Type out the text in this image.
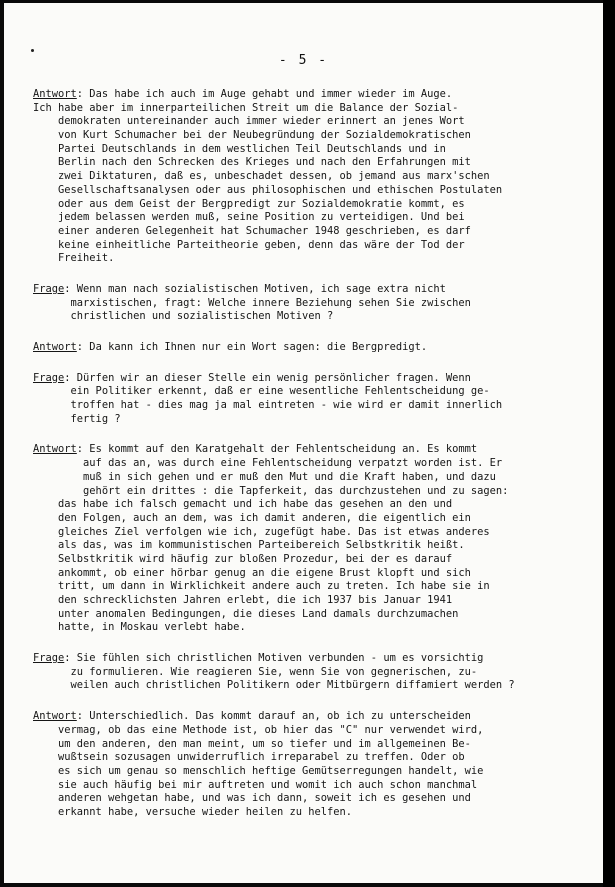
- 5 -
Antwort: Das habe ich auch im Auge gehabt und immer wieder im Auge.
Ich habe aber im innerparteilichen Streit um die Balance der Sozial-
demokraten untereinander auch immer wieder erinnert an jenes Wort
von Kurt Schumacher bei der Neubegründung der Sozialdemokratischen
Partei Deutschlands in dem westlichen Teil Deutschlands und in
Berlin nach den Schrecken des Krieges und nach den Erfahrungen mit
zwei Diktaturen, daß es, unbeschadet dessen, ob jemand aus marx'schen
Gesellschaftsanalysen oder aus philosophischen und ethischen Postulaten
oder aus dem Geist der Bergpredigt zur Sozialdemokratie kommt, es
jedem belassen werden muß, seine Position zu verteidigen. Und bei
einer anderen Gelegenheit hat Schumacher 1948 geschrieben, es darf
keine einheitliche Parteitheorie geben, denn das wäre der Tod der
Freiheit.
Frage: Wenn man nach sozialistischen Motiven, ich sage extra nicht
marxistischen, fragt: Welche innere Beziehung sehen Sie zwischen
christlichen und sozialistischen Motiven ?
Antwort: Da kann ich Ihnen nur ein Wort sagen: die Bergpredigt.
Frage: Dürfen wir an dieser Stelle ein wenig persönlicher fragen. Wenn
ein Politiker erkennt, daß er eine wesentliche Fehlentscheidung ge-
troffen hat - dies mag ja mal eintreten - wie wird er damit innerlich
fertig ?
Antwort: Es kommt auf den Karatgehalt der Fehlentscheidung an. Es kommt
auf das an, was durch eine Fehlentscheidung verpatzt worden ist. Er
muß in sich gehen und er muß den Mut und die Kraft haben, und dazu
gehört ein drittes : die Tapferkeit, das durchzustehen und zu sagen:
das habe ich falsch gemacht und ich habe das gesehen an den und
den Folgen, auch an dem, was ich damit anderen, die eigentlich ein
gleiches Ziel verfolgen wie ich, zugefügt habe. Das ist etwas anderes
als das, was im kommunistischen Parteibereich Selbstkritik heißt.
Selbstkritik wird häufig zur bloßen Prozedur, bei der es darauf
ankommt, ob einer hörbar genug an die eigene Brust klopft und sich
tritt, um dann in Wirklichkeit andere auch zu treten. Ich habe sie in
den schrecklichsten Jahren erlebt, die ich 1937 bis Januar 1941
unter anomalen Bedingungen, die dieses Land damals durchzumachen
hatte, in Moskau verlebt habe.
Frage: Sie fühlen sich christlichen Motiven verbunden - um es vorsichtig
zu formulieren. Wie reagieren Sie, wenn Sie von gegnerischen, zu-
weilen auch christlichen Politikern oder Mitbürgern diffamiert werden ?
Antwort: Unterschiedlich. Das kommt darauf an, ob ich zu unterscheiden
vermag, ob das eine Methode ist, ob hier das "C" nur verwendet wird,
um den anderen, den man meint, um so tiefer und im allgemeinen Be-
wußtsein sozusagen unwiderruflich irreparabel zu treffen. Oder ob
es sich um genau so menschlich heftige Gemütserregungen handelt, wie
sie auch häufig bei mir auftreten und womit ich auch schon manchmal
anderen wehgetan habe, und was ich dann, soweit ich es gesehen und
erkannt habe, versuche wieder heilen zu helfen.
